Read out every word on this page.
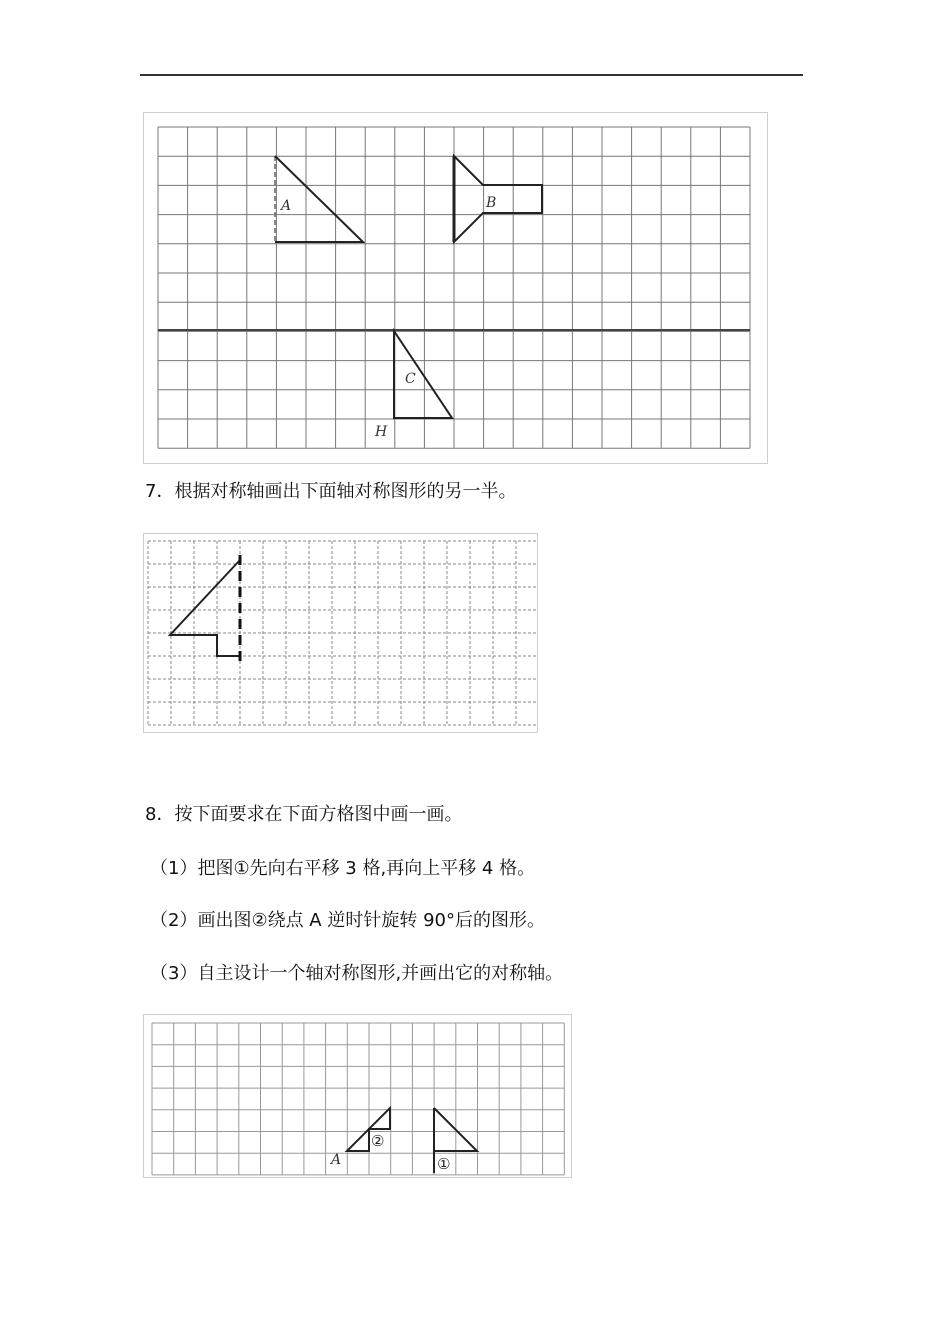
A	B
C
H
7．根据对称轴画出下面轴对称图形的另一半。
8．按下面要求在下面方格图中画一画。
（1）把图①先向右平移 3 格,再向上平移 4 格。
（2）画出图②绕点 A 逆时针旋转 90°后的图形。
（3）自主设计一个轴对称图形,并画出它的对称轴。
A
②
①
